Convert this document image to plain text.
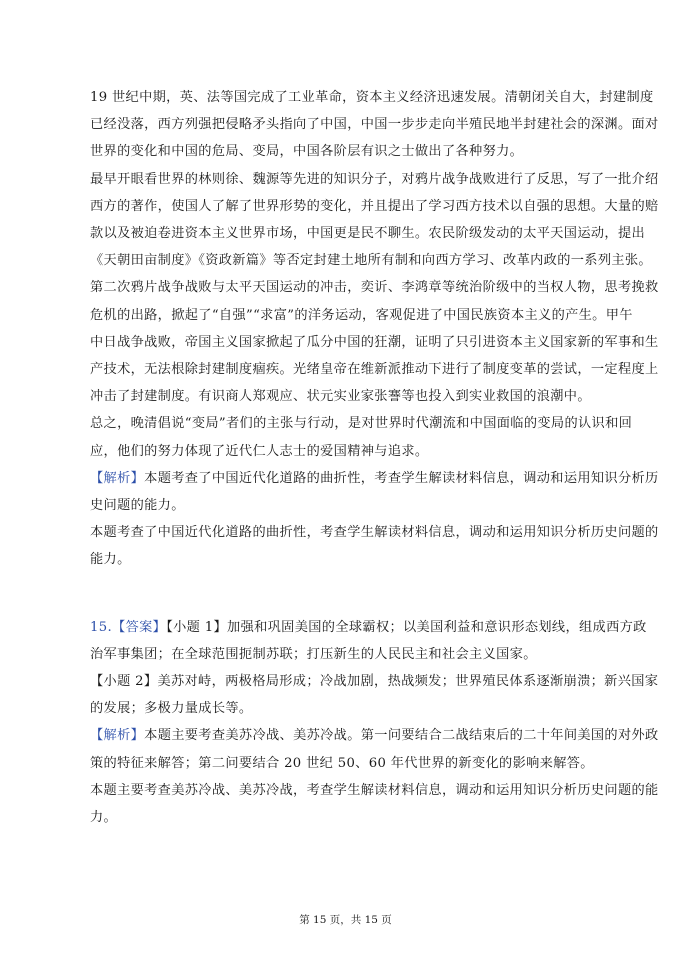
19 世纪中期，英、法等国完成了工业革命，资本主义经济迅速发展。清朝闭关自大，封建制度

已经没落，西方列强把侵略矛头指向了中国，中国一步步走向半殖民地半封建社会的深渊。面对

世界的变化和中国的危局、变局，中国各阶层有识之士做出了各种努力。

最早开眼看世界的林则徐、魏源等先进的知识分子，对鸦片战争战败进行了反思，写了一批介绍

西方的著作，使国人了解了世界形势的变化，并且提出了学习西方技术以自强的思想。大量的赔

款以及被迫卷进资本主义世界市场，中国更是民不聊生。农民阶级发动的太平天国运动，提出

《天朝田亩制度》《资政新篇》等否定封建土地所有制和向西方学习、改革内政的一系列主张。

第二次鸦片战争战败与太平天国运动的冲击，奕䜣、李鸿章等统治阶级中的当权人物，思考挽救

危机的出路，掀起了“自强”“求富”的洋务运动，客观促进了中国民族资本主义的产生。甲午

中日战争战败，帝国主义国家掀起了瓜分中国的狂潮，证明了只引进资本主义国家新的军事和生

产技术，无法根除封建制度痼疾。光绪皇帝在维新派推动下进行了制度变革的尝试，一定程度上

冲击了封建制度。有识商人郑观应、状元实业家张謇等也投入到实业救国的浪潮中。

总之，晚清倡说“变局”者们的主张与行动，是对世界时代潮流和中国面临的变局的认识和回

应，他们的努力体现了近代仁人志士的爱国精神与追求。

【解析】本题考查了中国近代化道路的曲折性，考查学生解读材料信息，调动和运用知识分析历

史问题的能力。

本题考查了中国近代化道路的曲折性，考查学生解读材料信息，调动和运用知识分析历史问题的

能力。

15.【答案】【小题 1】加强和巩固美国的全球霸权；以美国利益和意识形态划线，组成西方政

治军事集团；在全球范围扼制苏联；打压新生的人民民主和社会主义国家。

【小题 2】美苏对峙，两极格局形成；冷战加剧，热战频发；世界殖民体系逐渐崩溃；新兴国家

的发展；多极力量成长等。

【解析】本题主要考查美苏冷战、美苏冷战。第一问要结合二战结束后的二十年间美国的对外政

策的特征来解答；第二问要结合 20 世纪 50、60 年代世界的新变化的影响来解答。

本题主要考查美苏冷战、美苏冷战，考查学生解读材料信息，调动和运用知识分析历史问题的能

力。

第 15 页，共 15 页
